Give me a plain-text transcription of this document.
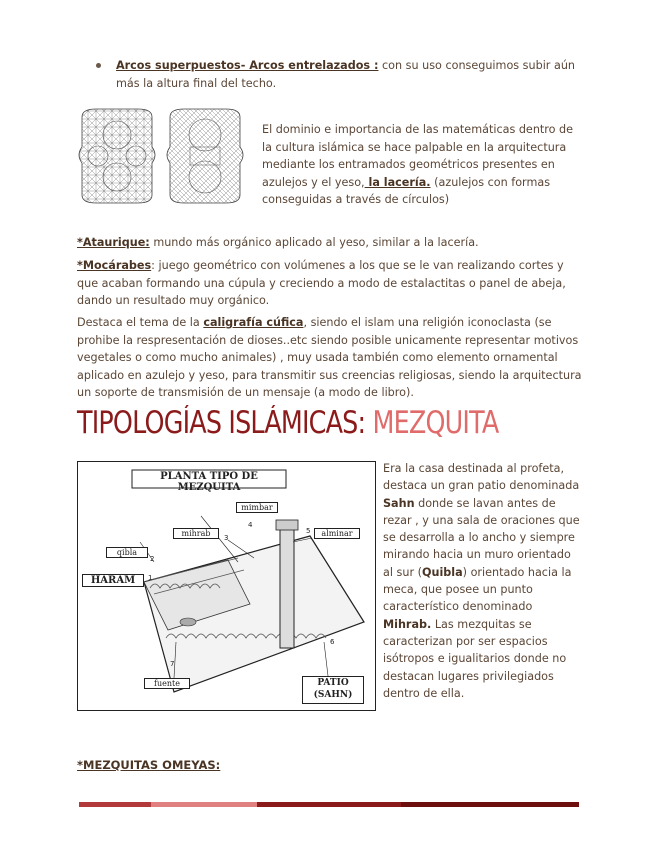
Arcos superpuestos- Arcos entrelazados : con su uso conseguimos subir aún más la altura final del techo.
El dominio e importancia de las matemáticas dentro de la cultura islámica se hace palpable en la arquitectura mediante los entramados geométricos presentes en azulejos y el yeso, la lacería. (azulejos con formas conseguidas a través de círculos)
*Ataurique: mundo más orgánico aplicado al yeso, similar a la lacería.
*Mocárabes: juego geométrico con volúmenes a los que se le van realizando cortes y que acaban formando una cúpula y creciendo a modo de estalactitas o panel de abeja, dando un resultado muy orgánico.
Destaca el tema de la caligrafía cúfica, siendo el islam una religión iconoclasta (se prohibe la respresentación de dioses..etc siendo posible unicamente representar motivos vegetales o como mucho animales) , muy usada también como elemento ornamental aplicado en azulejo y yeso, para transmitir sus creencias religiosas, siendo la arquitectura un soporte de transmisión de un mensaje (a modo de libro).
TIPOLOGÍAS ISLÁMICAS: MEZQUITA
PLANTA TIPO DE MEZQUITA
mimbar
mihrab	alminar
qibla
HARAM
fuente	PATIO
(SAHN)
1
2
3
4
5
6
7
Era la casa destinada al profeta, destaca un gran patio denominada Sahn donde se lavan antes de rezar , y una sala de oraciones que se desarrolla a lo ancho y siempre mirando hacia un muro orientado al sur (Quibla) orientado hacia la meca, que posee un punto característico denominado Mihrab. Las mezquitas se caracterizan por ser espacios isótropos e igualitarios donde no destacan lugares privilegiados dentro de ella.
*MEZQUITAS OMEYAS:
